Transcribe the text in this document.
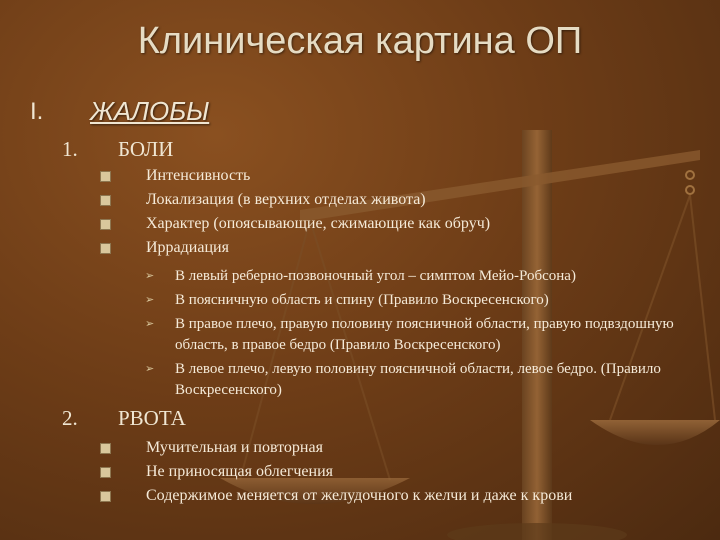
Клиническая картина ОП
I. ЖАЛОБЫ
1. БОЛИ
Интенсивность
Локализация (в верхних отделах живота)
Характер (опоясывающие, сжимающие как обруч)
Иррадиация
➢ В левый реберно-позвоночный угол – симптом Мейо-Робсона)
➢ В поясничную область и спину (Правило Воскресенского)
➢ В правое плечо, правую половину поясничной области, правую подвздошную область, в правое бедро (Правило Воскресенского)
➢ В левое плечо, левую половину поясничной области, левое бедро. (Правило Воскресенского)
2. РВОТА
Мучительная и повторная
Не приносящая облегчения
Содержимое меняется от желудочного к желчи и даже к крови
